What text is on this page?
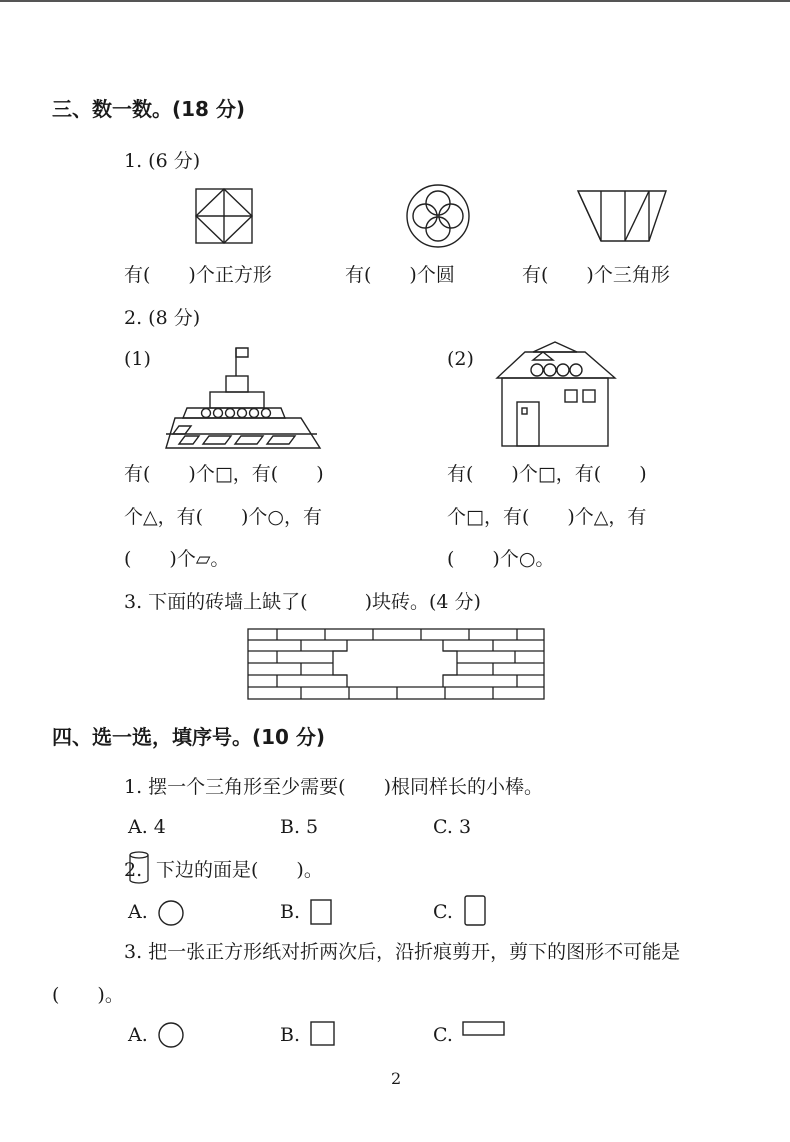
三、数一数。(18 分)
1. (6 分)
有(　　)个正方形	有(　　)个圆	有(　　)个三角形
2. (8 分)
(1)	(2)
有(　　)个□，有(　　)	有(　　)个□，有(　　)
个△，有(　　)个○，有	个□，有(　　)个△，有
(　　)个▱。	(　　)个○。
3. 下面的砖墙上缺了(　　　)块砖。(4 分)
四、选一选，填序号。(10 分)
1. 摆一个三角形至少需要(　　)根同样长的小棒。
A. 4	B. 5	C. 3
2. 下边的面是(　　)。
A.	B.	C.
3. 把一张正方形纸对折两次后，沿折痕剪开，剪下的图形不可能是
(　　)。
A.	B.	C.
2
